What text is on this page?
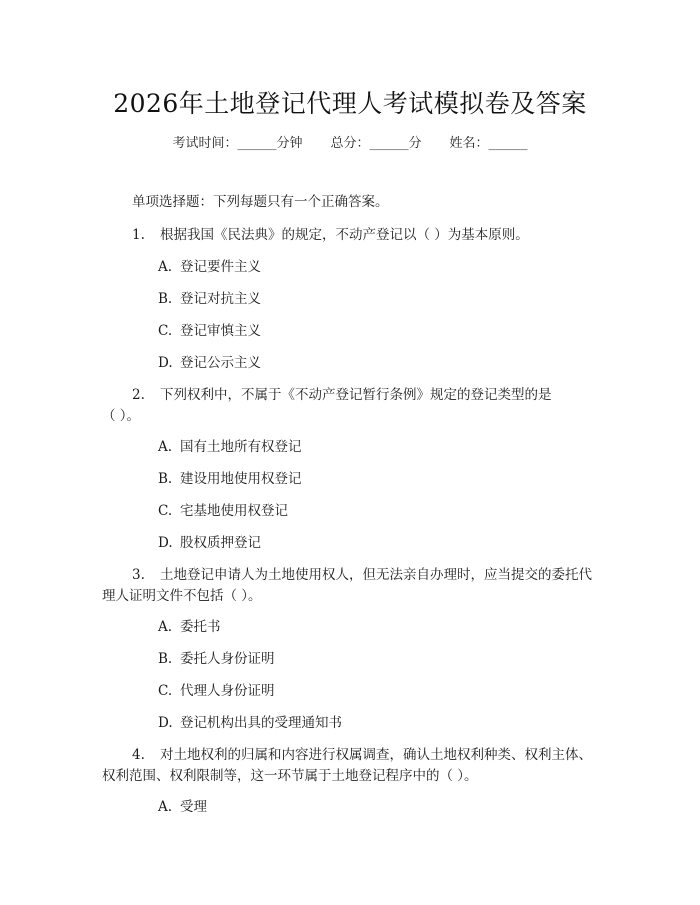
2026年土地登记代理人考试模拟卷及答案
考试时间：______分钟 总分：______分 姓名：______
单项选择题：下列每题只有一个正确答案。
1. 根据我国《民法典》的规定，不动产登记以（ ）为基本原则。
A. 登记要件主义
B. 登记对抗主义
C. 登记审慎主义
D. 登记公示主义
2. 下列权利中，不属于《不动产登记暂行条例》规定的登记类型的是
（ ）。
A. 国有土地所有权登记
B. 建设用地使用权登记
C. 宅基地使用权登记
D. 股权质押登记
3. 土地登记申请人为土地使用权人，但无法亲自办理时，应当提交的委托代
理人证明文件不包括（ ）。
A. 委托书
B. 委托人身份证明
C. 代理人身份证明
D. 登记机构出具的受理通知书
4. 对土地权利的归属和内容进行权属调查，确认土地权利种类、权利主体、
权利范围、权利限制等，这一环节属于土地登记程序中的（ ）。
A. 受理
